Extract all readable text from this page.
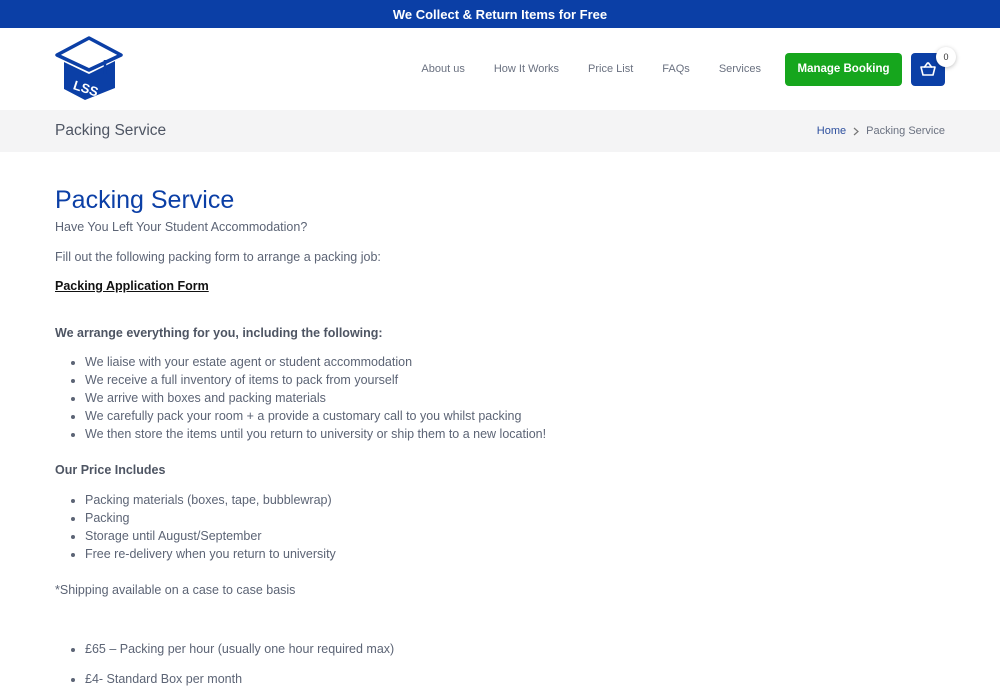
We Collect & Return Items for Free
LSS
About us	How It Works	Price List	FAQs	Services	Manage Booking
0
Packing Service	Home Packing Service
Packing Service

Have You Left Your Student Accommodation?

Fill out the following packing form to arrange a packing job:

Packing Application Form

We arrange everything for you, including the following:

• We liaise with your estate agent or student accommodation
• We receive a full inventory of items to pack from yourself
• We arrive with boxes and packing materials
• We carefully pack your room + a provide a customary call to you whilst packing
• We then store the items until you return to university or ship them to a new location!

Our Price Includes

• Packing materials (boxes, tape, bubblewrap)
• Packing
• Storage until August/September
• Free re-delivery when you return to university

*Shipping available on a case to case basis

• £65 – Packing per hour (usually one hour required max)
• £4- Standard Box per month
